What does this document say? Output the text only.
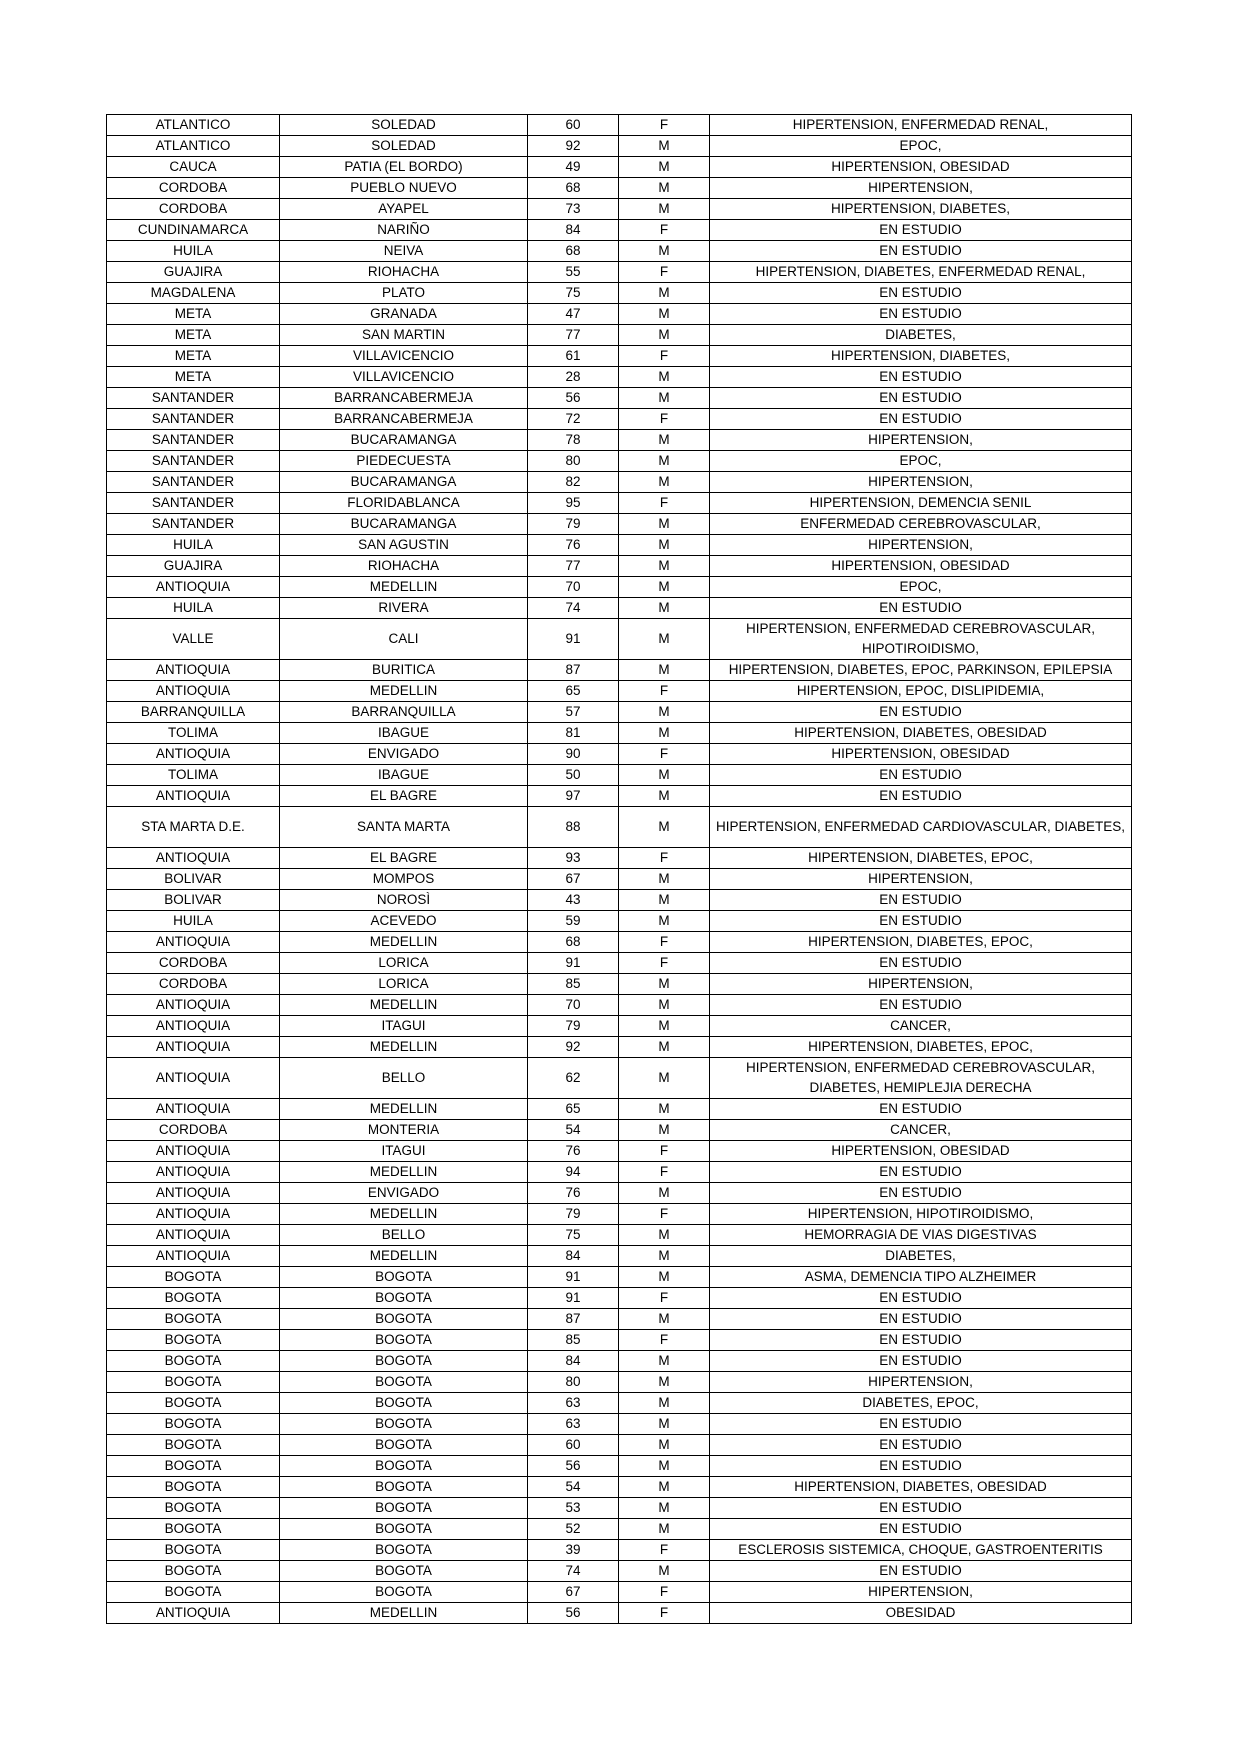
ATLANTICO	SOLEDAD	60	F	HIPERTENSION, ENFERMEDAD RENAL,
ATLANTICO	SOLEDAD	92	M	EPOC,
CAUCA	PATIA (EL BORDO)	49	M	HIPERTENSION, OBESIDAD
CORDOBA	PUEBLO NUEVO	68	M	HIPERTENSION,
CORDOBA	AYAPEL	73	M	HIPERTENSION, DIABETES,
CUNDINAMARCA	NARIÑO	84	F	EN ESTUDIO
HUILA	NEIVA	68	M	EN ESTUDIO
GUAJIRA	RIOHACHA	55	F	HIPERTENSION, DIABETES, ENFERMEDAD RENAL,
MAGDALENA	PLATO	75	M	EN ESTUDIO
META	GRANADA	47	M	EN ESTUDIO
META	SAN MARTIN	77	M	DIABETES,
META	VILLAVICENCIO	61	F	HIPERTENSION, DIABETES,
META	VILLAVICENCIO	28	M	EN ESTUDIO
SANTANDER	BARRANCABERMEJA	56	M	EN ESTUDIO
SANTANDER	BARRANCABERMEJA	72	F	EN ESTUDIO
SANTANDER	BUCARAMANGA	78	M	HIPERTENSION,
SANTANDER	PIEDECUESTA	80	M	EPOC,
SANTANDER	BUCARAMANGA	82	M	HIPERTENSION,
SANTANDER	FLORIDABLANCA	95	F	HIPERTENSION, DEMENCIA SENIL
SANTANDER	BUCARAMANGA	79	M	ENFERMEDAD CEREBROVASCULAR,
HUILA	SAN AGUSTIN	76	M	HIPERTENSION,
GUAJIRA	RIOHACHA	77	M	HIPERTENSION, OBESIDAD
ANTIOQUIA	MEDELLIN	70	M	EPOC,
HUILA	RIVERA	74	M	EN ESTUDIO
VALLE	CALI	91	M	HIPERTENSION, ENFERMEDAD CEREBROVASCULAR, HIPOTIROIDISMO,
ANTIOQUIA	BURITICA	87	M	HIPERTENSION, DIABETES, EPOC, PARKINSON, EPILEPSIA
ANTIOQUIA	MEDELLIN	65	F	HIPERTENSION, EPOC, DISLIPIDEMIA,
BARRANQUILLA	BARRANQUILLA	57	M	EN ESTUDIO
TOLIMA	IBAGUE	81	M	HIPERTENSION, DIABETES, OBESIDAD
ANTIOQUIA	ENVIGADO	90	F	HIPERTENSION, OBESIDAD
TOLIMA	IBAGUE	50	M	EN ESTUDIO
ANTIOQUIA	EL BAGRE	97	M	EN ESTUDIO
STA MARTA D.E.	SANTA MARTA	88	M	HIPERTENSION, ENFERMEDAD CARDIOVASCULAR, DIABETES,
ANTIOQUIA	EL BAGRE	93	F	HIPERTENSION, DIABETES, EPOC,
BOLIVAR	MOMPOS	67	M	HIPERTENSION,
BOLIVAR	NOROSÌ	43	M	EN ESTUDIO
HUILA	ACEVEDO	59	M	EN ESTUDIO
ANTIOQUIA	MEDELLIN	68	F	HIPERTENSION, DIABETES, EPOC,
CORDOBA	LORICA	91	F	EN ESTUDIO
CORDOBA	LORICA	85	M	HIPERTENSION,
ANTIOQUIA	MEDELLIN	70	M	EN ESTUDIO
ANTIOQUIA	ITAGUI	79	M	CANCER,
ANTIOQUIA	MEDELLIN	92	M	HIPERTENSION, DIABETES, EPOC,
ANTIOQUIA	BELLO	62	M	HIPERTENSION, ENFERMEDAD CEREBROVASCULAR, DIABETES, HEMIPLEJIA DERECHA
ANTIOQUIA	MEDELLIN	65	M	EN ESTUDIO
CORDOBA	MONTERIA	54	M	CANCER,
ANTIOQUIA	ITAGUI	76	F	HIPERTENSION, OBESIDAD
ANTIOQUIA	MEDELLIN	94	F	EN ESTUDIO
ANTIOQUIA	ENVIGADO	76	M	EN ESTUDIO
ANTIOQUIA	MEDELLIN	79	F	HIPERTENSION, HIPOTIROIDISMO,
ANTIOQUIA	BELLO	75	M	HEMORRAGIA DE VIAS DIGESTIVAS
ANTIOQUIA	MEDELLIN	84	M	DIABETES,
BOGOTA	BOGOTA	91	M	ASMA, DEMENCIA TIPO ALZHEIMER
BOGOTA	BOGOTA	91	F	EN ESTUDIO
BOGOTA	BOGOTA	87	M	EN ESTUDIO
BOGOTA	BOGOTA	85	F	EN ESTUDIO
BOGOTA	BOGOTA	84	M	EN ESTUDIO
BOGOTA	BOGOTA	80	M	HIPERTENSION,
BOGOTA	BOGOTA	63	M	DIABETES, EPOC,
BOGOTA	BOGOTA	63	M	EN ESTUDIO
BOGOTA	BOGOTA	60	M	EN ESTUDIO
BOGOTA	BOGOTA	56	M	EN ESTUDIO
BOGOTA	BOGOTA	54	M	HIPERTENSION, DIABETES, OBESIDAD
BOGOTA	BOGOTA	53	M	EN ESTUDIO
BOGOTA	BOGOTA	52	M	EN ESTUDIO
BOGOTA	BOGOTA	39	F	ESCLEROSIS SISTEMICA, CHOQUE, GASTROENTERITIS
BOGOTA	BOGOTA	74	M	EN ESTUDIO
BOGOTA	BOGOTA	67	F	HIPERTENSION,
ANTIOQUIA	MEDELLIN	56	F	OBESIDAD
